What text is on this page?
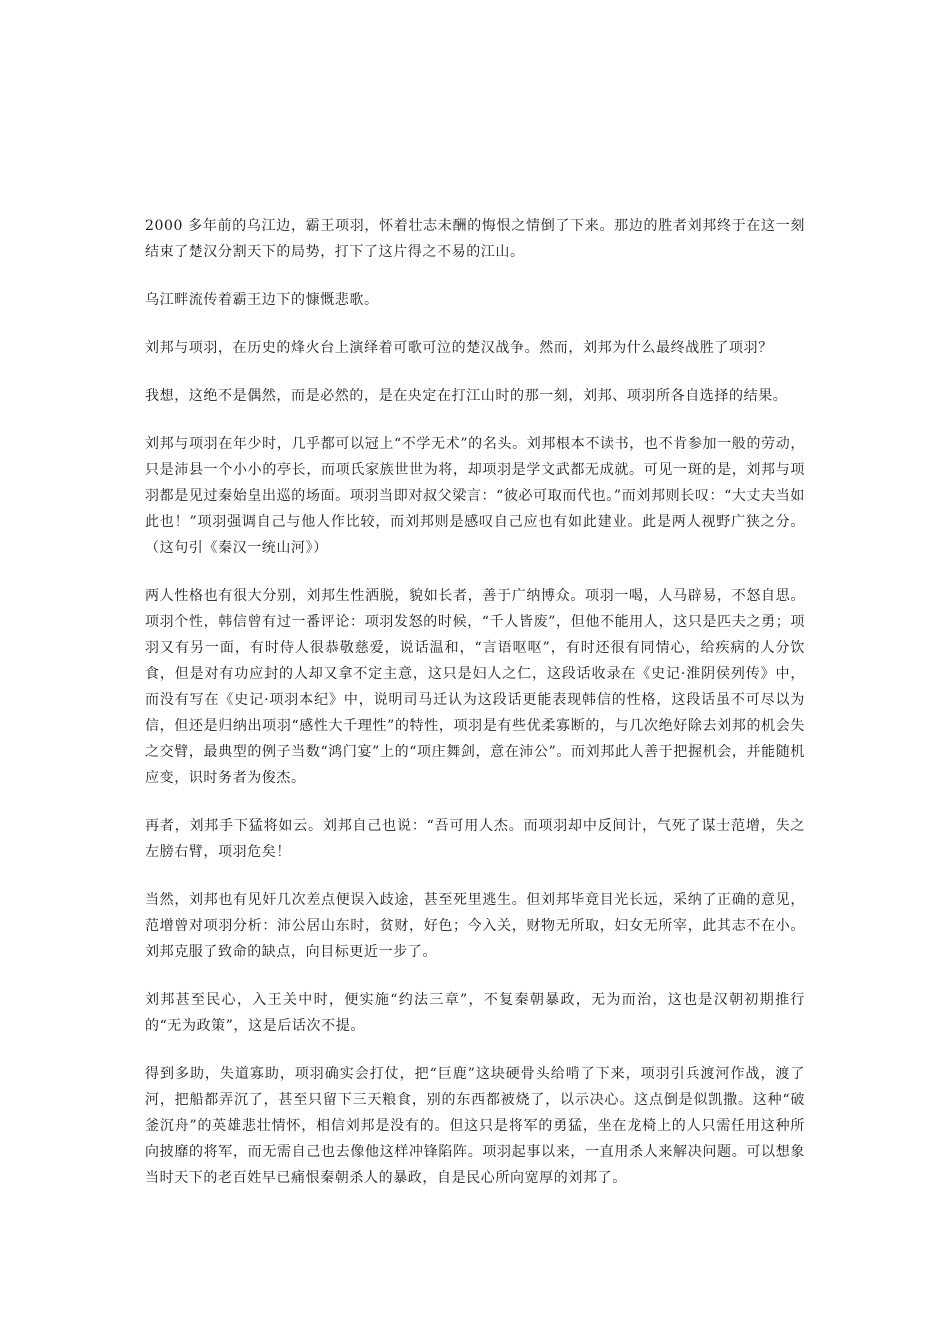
2000 多年前的乌江边，霸王项羽，怀着壮志未酬的悔恨之情倒了下来。那边的胜者刘邦终于在这一刻结束了楚汉分割天下的局势，打下了这片得之不易的江山。

乌江畔流传着霸王边下的慷慨悲歌。

刘邦与项羽，在历史的烽火台上演绎着可歌可泣的楚汉战争。然而，刘邦为什么最终战胜了项羽？

我想，这绝不是偶然，而是必然的，是在央定在打江山时的那一刻，刘邦、项羽所各自选择的结果。

刘邦与项羽在年少时，几乎都可以冠上“不学无术”的名头。刘邦根本不读书，也不肯参加一般的劳动，只是沛县一个小小的亭长，而项氏家族世世为将，却项羽是学文武都无成就。可见一斑的是，刘邦与项羽都是见过秦始皇出巡的场面。项羽当即对叔父梁言：“彼必可取而代也。”而刘邦则长叹：“大丈夫当如此也！”项羽强调自己与他人作比较，而刘邦则是感叹自己应也有如此建业。此是两人视野广狭之分。（这句引《秦汉一统山河》）

两人性格也有很大分别，刘邦生性洒脱，貌如长者，善于广纳博众。项羽一喝，人马辟易，不怒自思。项羽个性，韩信曾有过一番评论：项羽发怒的时候，“千人皆废”，但他不能用人，这只是匹夫之勇；项羽又有另一面，有时侍人很恭敬慈爱，说话温和，“言语呕呕”，有时还很有同情心，给疾病的人分饮食，但是对有功应封的人却又拿不定主意，这只是妇人之仁，这段话收录在《史记·淮阴侯列传》中，而没有写在《史记·项羽本纪》中，说明司马迁认为这段话更能表现韩信的性格，这段话虽不可尽以为信，但还是归纳出项羽“感性大千理性”的特性，项羽是有些优柔寡断的，与几次绝好除去刘邦的机会失之交臂，最典型的例子当数“鸿门宴”上的“项庄舞剑，意在沛公”。而刘邦此人善于把握机会，并能随机应变，识时务者为俊杰。

再者，刘邦手下猛将如云。刘邦自己也说：“吾可用人杰。而项羽却中反间计，气死了谋士范增，失之左膀右臂，项羽危矣！

当然，刘邦也有见奸几次差点便误入歧途，甚至死里逃生。但刘邦毕竟目光长远，采纳了正确的意见，范增曾对项羽分析：沛公居山东时，贫财，好色；今入关，财物无所取，妇女无所宰，此其志不在小。刘邦克服了致命的缺点，向目标更近一步了。

刘邦甚至民心，入王关中时，便实施“约法三章”，不复秦朝暴政，无为而治，这也是汉朝初期推行的“无为政策”，这是后话次不提。

得到多助，失道寡助，项羽确实会打仗，把“巨鹿”这块硬骨头给啃了下来，项羽引兵渡河作战，渡了河，把船都弄沉了，甚至只留下三天粮食，别的东西都被烧了，以示决心。这点倒是似凯撒。这种“破釜沉舟”的英雄悲壮情怀，相信刘邦是没有的。但这只是将军的勇猛，坐在龙椅上的人只需任用这种所向披靡的将军，而无需自己也去像他这样冲锋陷阵。项羽起事以来，一直用杀人来解决问题。可以想象当时天下的老百姓早已痛恨秦朝杀人的暴政，自是民心所向宽厚的刘邦了。
